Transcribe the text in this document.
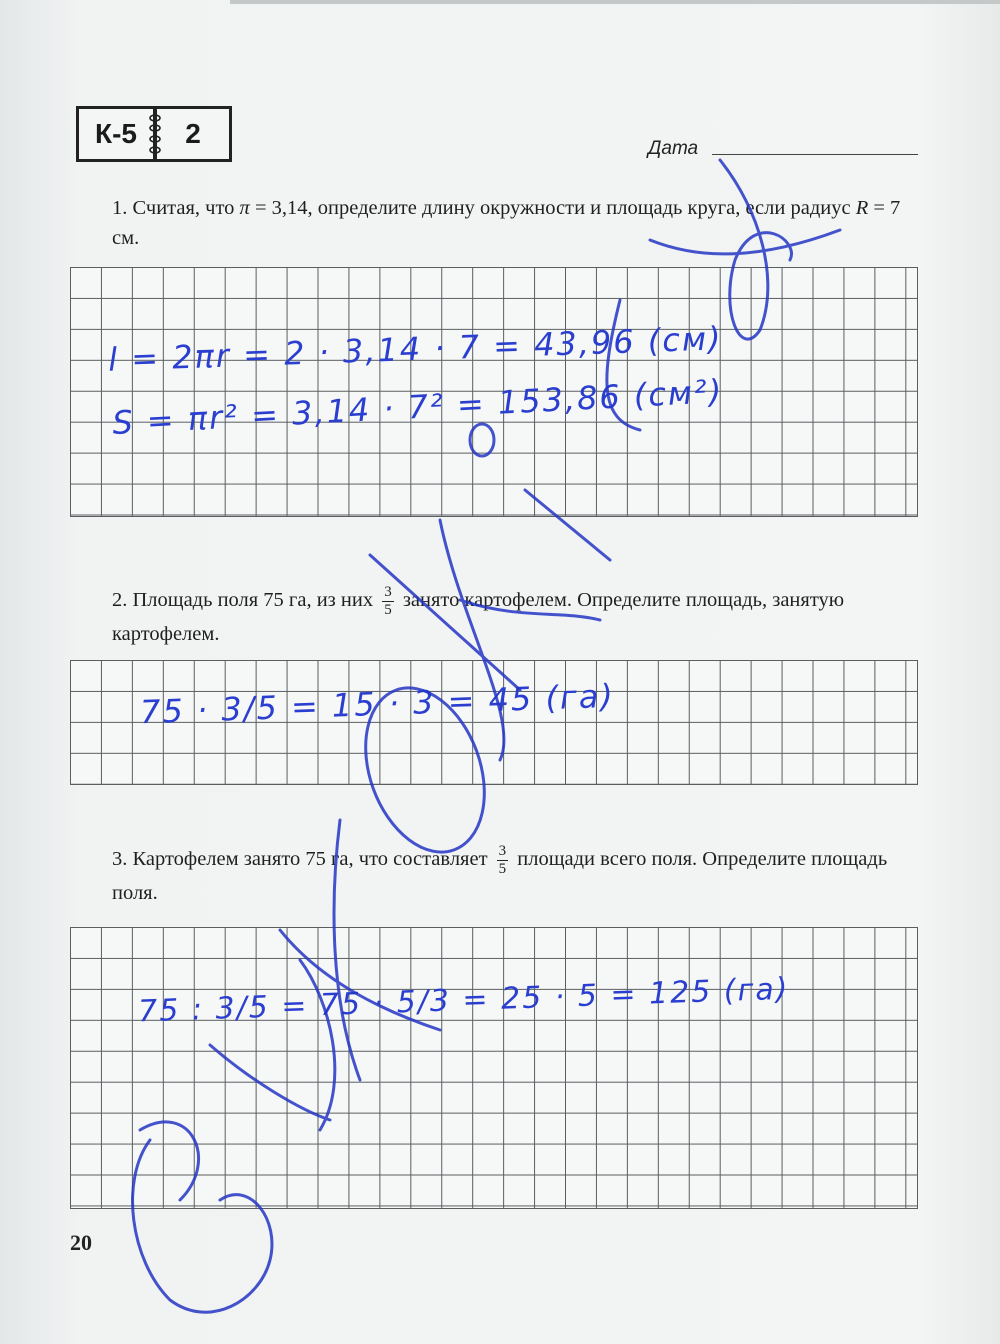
К-5	2	Дата
1. Считая, что π = 3,14, определите длину окружности и площадь круга, если радиус R = 7 см.
2. Площадь поля 75 га, из них $\frac{3}{5}$ занято картофелем. Определите площадь, занятую картофелем.
3. Картофелем занято 75 га, что составляет $\frac{3}{5}$ площади всего поля. Определите площадь поля.
20
l = 2πr = 2 · 3,14 · 7 = 43,96 (см)
S = πr² = 3,14 · 7² = 153,86 (см²)
75 · 3/5 = 15 · 3 = 45 (га)
75 : 3/5 = 75 · 5/3 = 25 · 5 = 125 (га)
